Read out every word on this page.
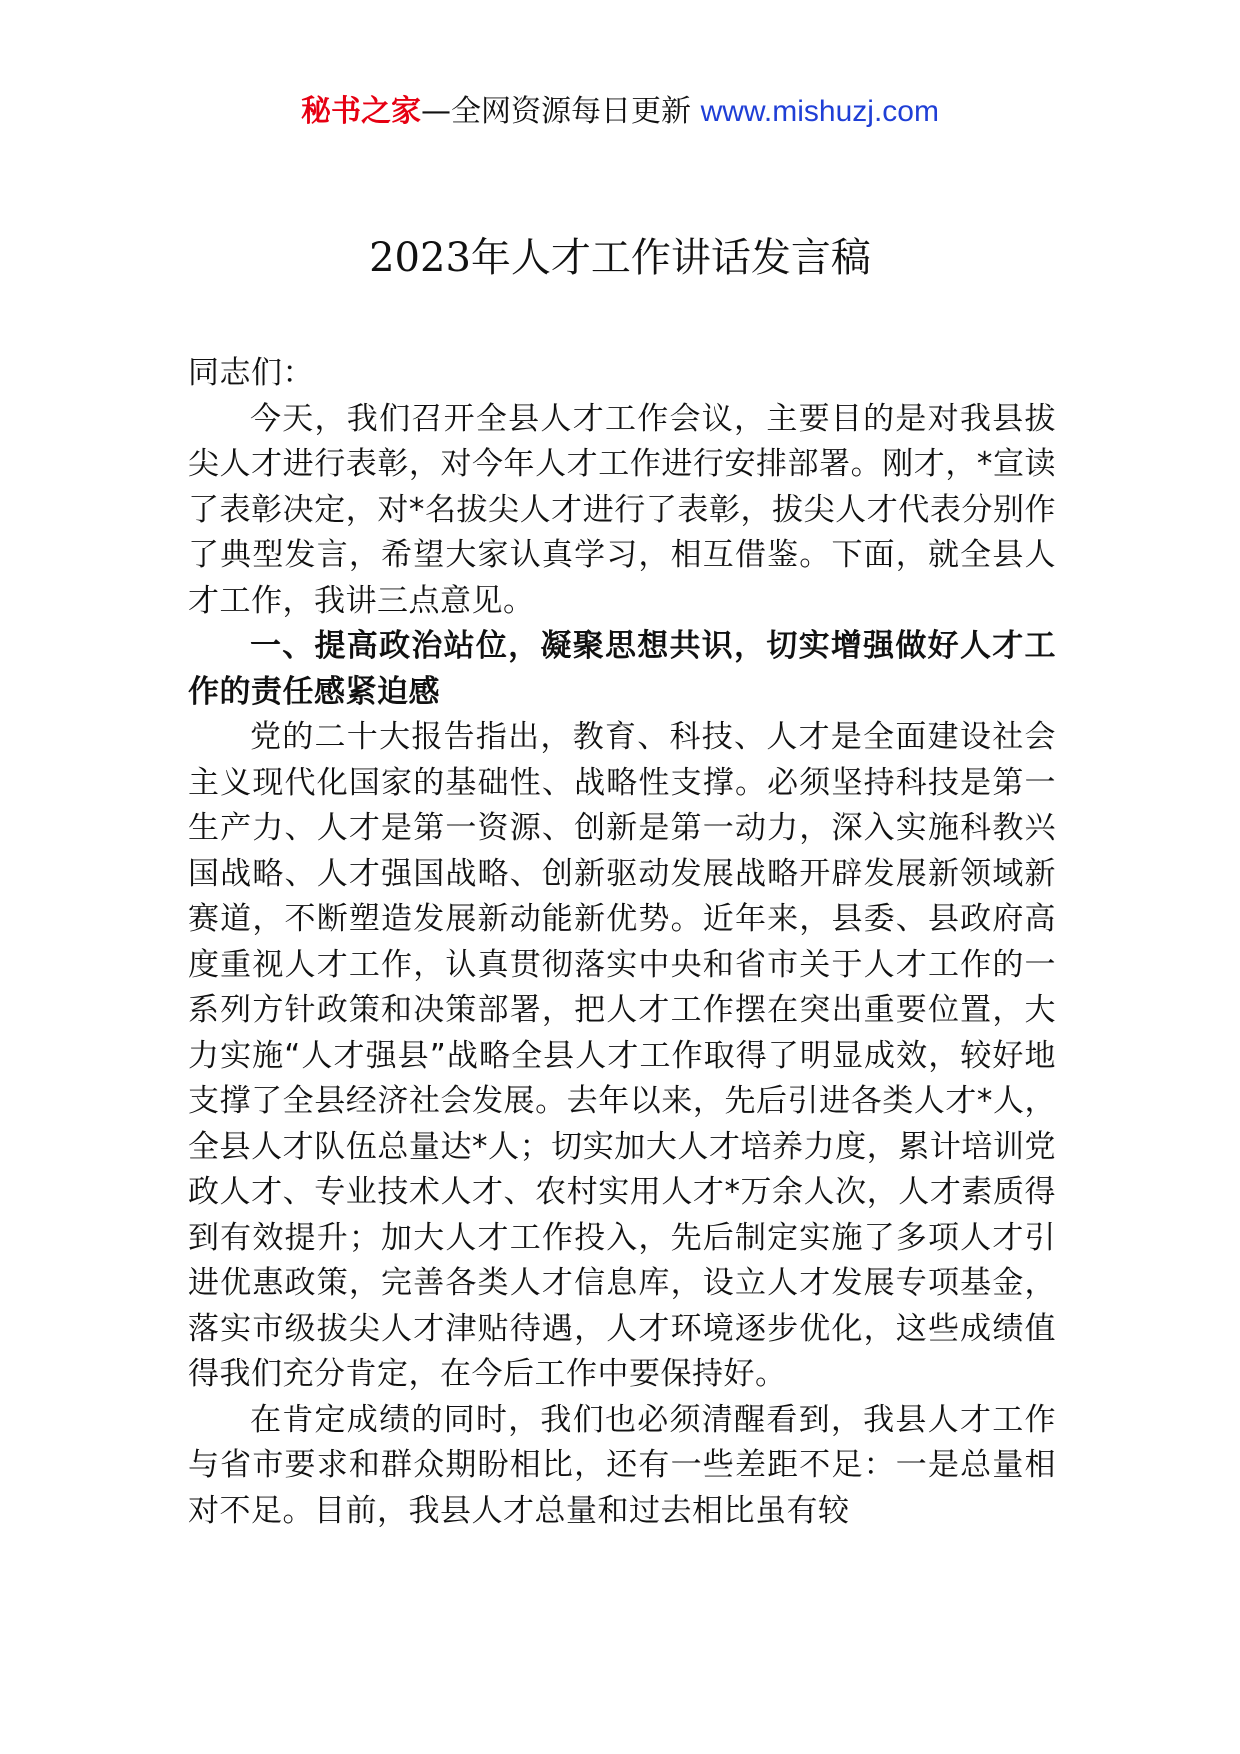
秘书之家—全网资源每日更新 www.mishuzj.com
2023年人才工作讲话发言稿

同志们：

今天，我们召开全县人才工作会议，主要目的是对我县拔尖人才进行表彰，对今年人才工作进行安排部署。刚才，*宣读了表彰决定，对*名拔尖人才进行了表彰，拔尖人才代表分别作了典型发言，希望大家认真学习，相互借鉴。下面，就全县人才工作，我讲三点意见。

一、提高政治站位，凝聚思想共识，切实增强做好人才工作的责任感紧迫感

党的二十大报告指出，教育、科技、人才是全面建设社会主义现代化国家的基础性、战略性支撑。必须坚持科技是第一生产力、人才是第一资源、创新是第一动力，深入实施科教兴国战略、人才强国战略、创新驱动发展战略开辟发展新领域新赛道，不断塑造发展新动能新优势。近年来，县委、县政府高度重视人才工作，认真贯彻落实中央和省市关于人才工作的一系列方针政策和决策部署，把人才工作摆在突出重要位置，大力实施“人才强县”战略全县人才工作取得了明显成效，较好地支撑了全县经济社会发展。去年以来，先后引进各类人才*人，全县人才队伍总量达*人；切实加大人才培养力度，累计培训党政人才、专业技术人才、农村实用人才*万余人次，人才素质得到有效提升；加大人才工作投入，先后制定实施了多项人才引进优惠政策，完善各类人才信息库，设立人才发展专项基金，落实市级拔尖人才津贴待遇，人才环境逐步优化，这些成绩值得我们充分肯定，在今后工作中要保持好。

在肯定成绩的同时，我们也必须清醒看到，我县人才工作与省市要求和群众期盼相比，还有一些差距不足：一是总量相对不足。目前，我县人才总量和过去相比虽有较
